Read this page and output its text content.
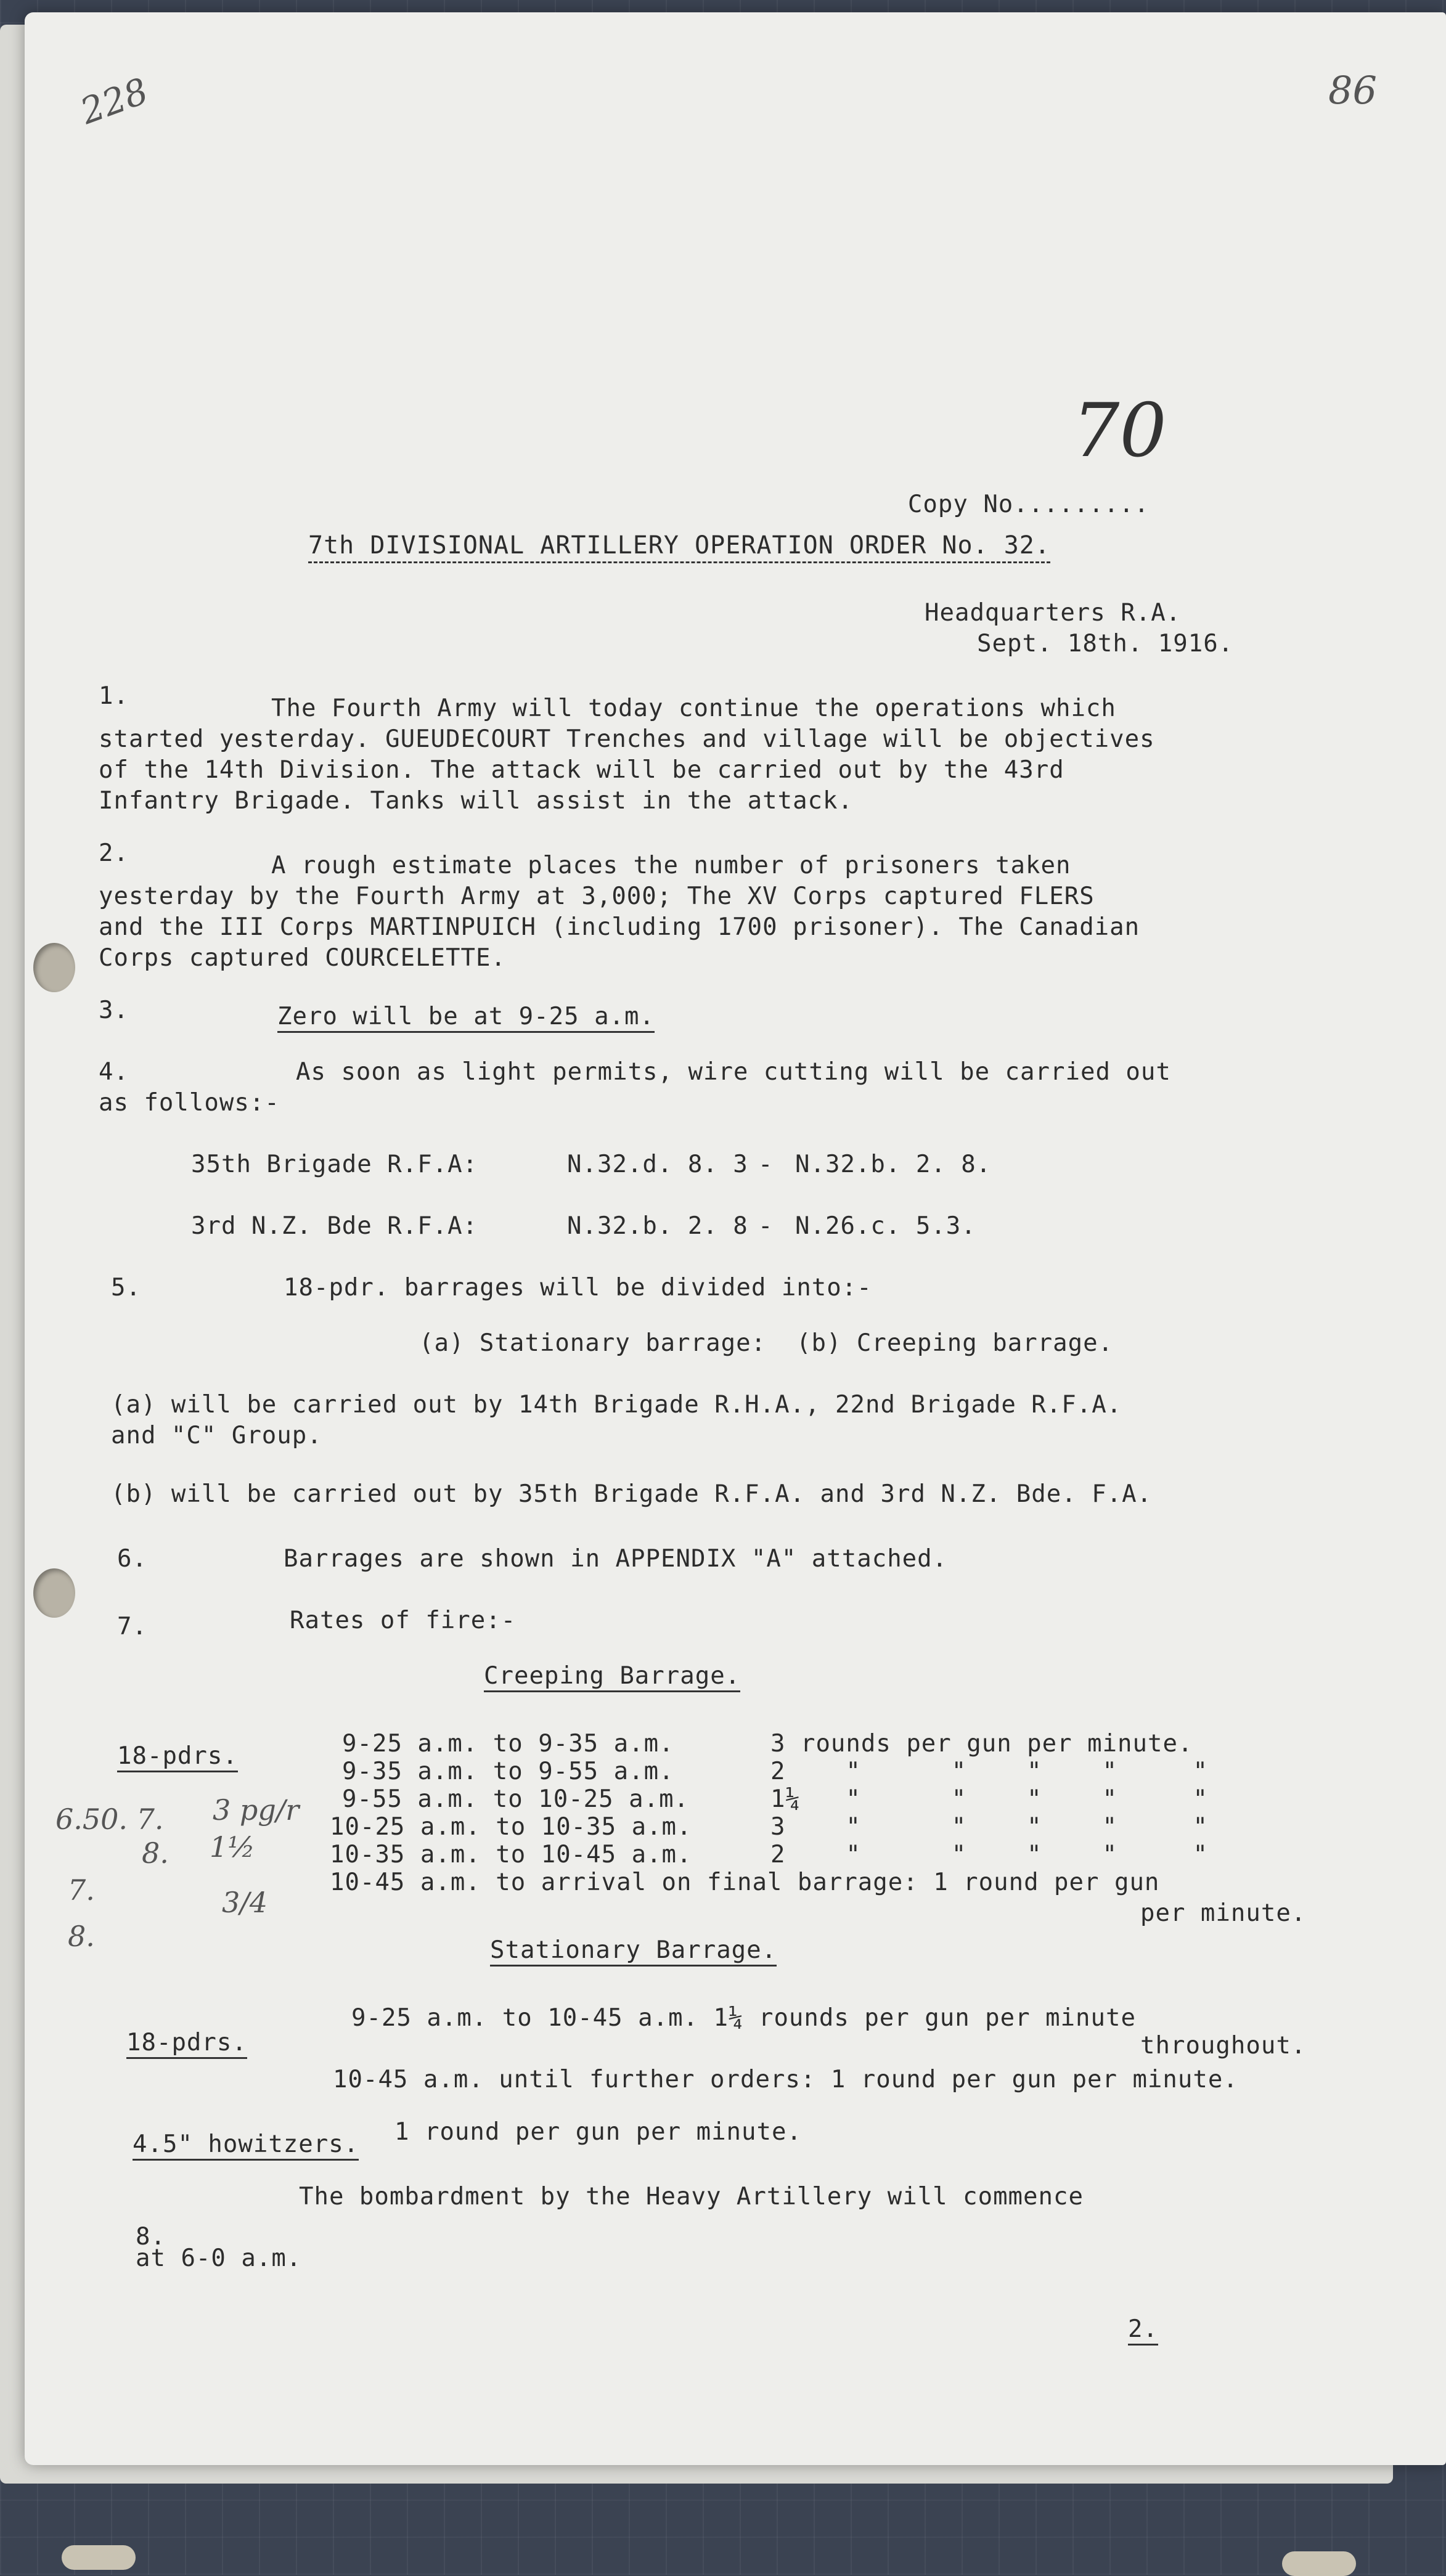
228	86

Copy No.........

70
7th DIVISIONAL ARTILLERY OPERATION ORDER No. 32.
Headquarters R.A.
Sept. 18th. 1916.
1.	The Fourth Army will today continue the operations which
started yesterday. GUEUDECOURT Trenches and village will be objectives
of the 14th Division. The attack will be carried out by the 43rd
Infantry Brigade. Tanks will assist in the attack.
2.	A rough estimate places the number of prisoners taken
yesterday by the Fourth Army at 3,000; The XV Corps captured FLERS
and the III Corps MARTINPUICH (including 1700 prisoner). The Canadian
Corps captured COURCELETTE.
3.	Zero will be at 9-25 a.m.
4.	As soon as light permits, wire cutting will be carried out
as follows:-
35th Brigade R.F.A:	N.32.d. 8. 3 - N.32.b. 2. 8.
3rd N.Z. Bde R.F.A:	N.32.b. 2. 8 - N.26.c. 5.3.
5.	18-pdr. barrages will be divided into:-
(a) Stationary barrage:  (b) Creeping barrage.
(a) will be carried out by 14th Brigade R.H.A., 22nd Brigade R.F.A.
and "C" Group.
(b) will be carried out by 35th Brigade R.F.A. and 3rd N.Z. Bde. F.A.
6.	Barrages are shown in APPENDIX "A" attached.
7.	Rates of fire:-
Creeping Barrage.
18-pdrs.	9-25 a.m. to 9-35 a.m.	3 rounds per gun per minute.
9-35 a.m. to 9-55 a.m.	2    "      "    "    "     "
9-55 a.m. to 10-25 a.m.	1¼   "      "    "    "     "
10-25 a.m. to 10-35 a.m.	3    "      "    "    "     "
10-35 a.m. to 10-45 a.m.	2    "      "    "    "     "
10-45 a.m. to arrival on final barrage: 1 round per gun
per minute.
Stationary Barrage.
18-pdrs.
9-25 a.m. to 10-45 a.m. 1¼ rounds per gun per minute
throughout.
10-45 a.m. until further orders: 1 round per gun per minute.
4.5" howitzers. 1 round per gun per minute.
8.
The bombardment by the Heavy Artillery will commence
at 6-0 a.m.
6.50. 7. 3 pg/r
8. 1½
7.
8.
3/4
2.
